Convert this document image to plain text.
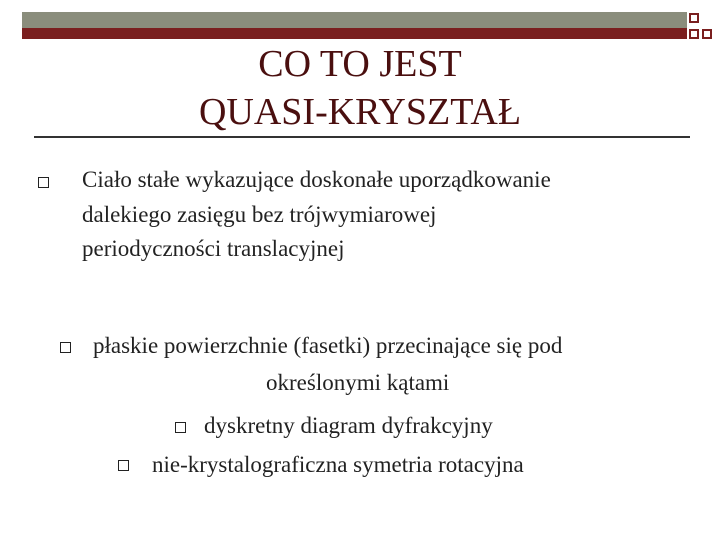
CO TO JEST
QUASI-KRYSZTAŁ

Ciało stałe wykazujące doskonałe uporządkowanie

dalekiego zasięgu bez trójwymiarowej

periodyczności translacyjnej

płaskie powierzchnie (fasetki) przecinające się pod

określonymi kątami

dyskretny diagram dyfrakcyjny

nie-krystalograficzna symetria rotacyjna
